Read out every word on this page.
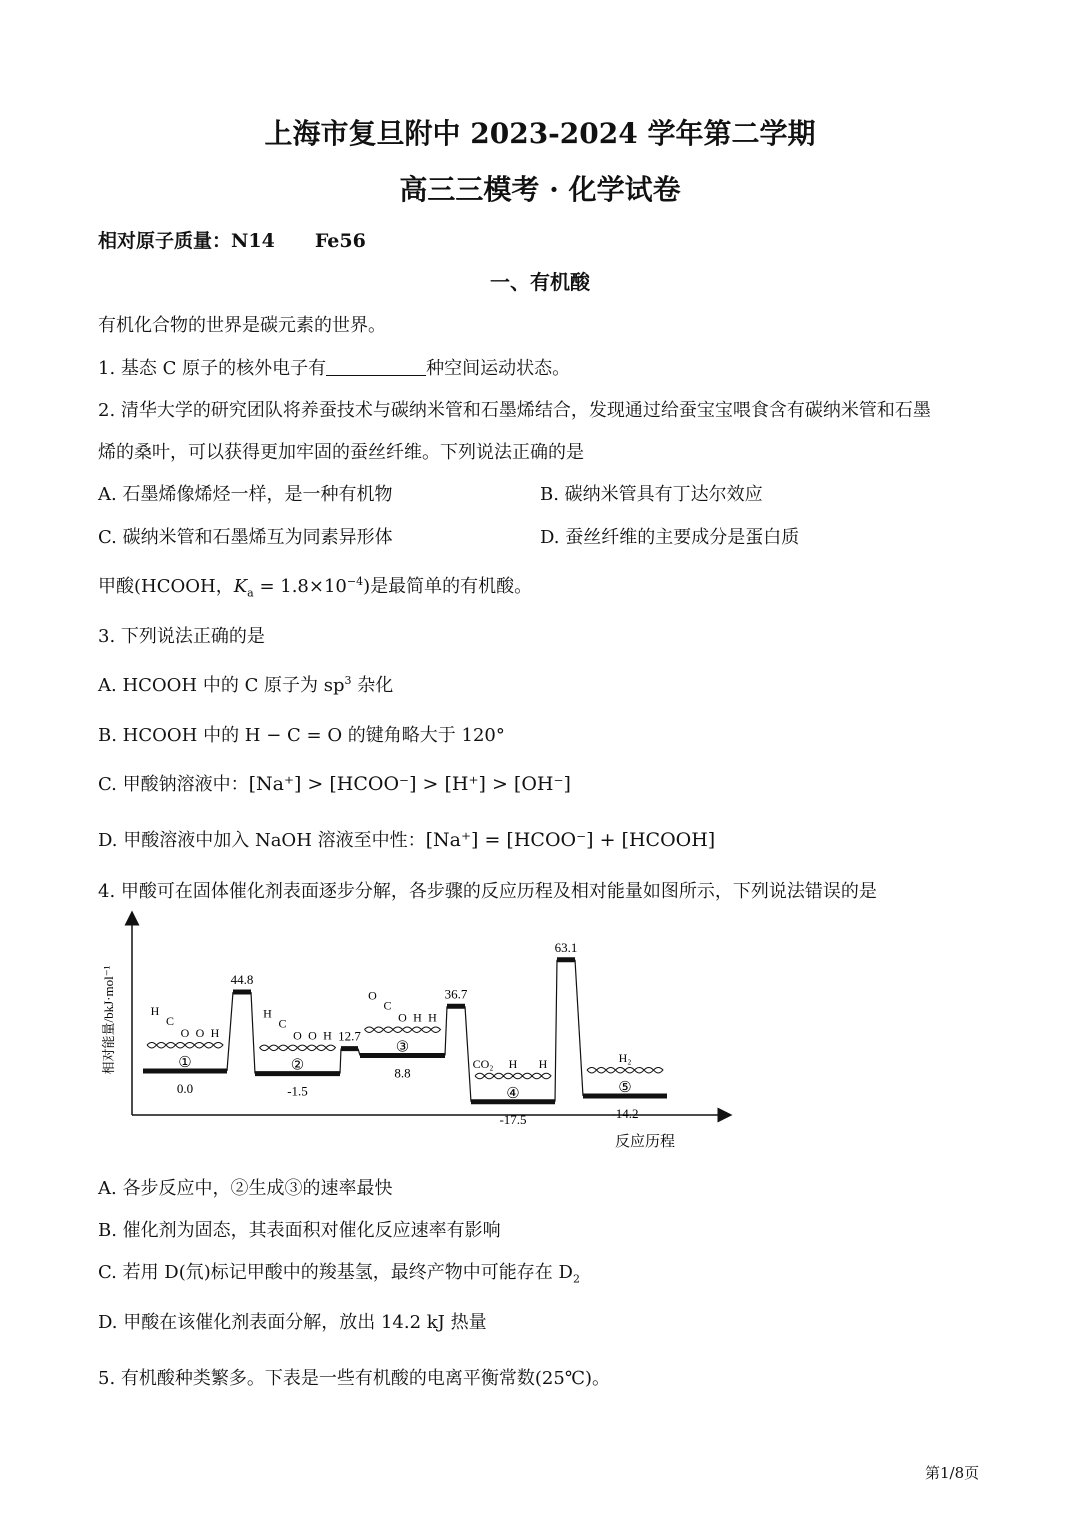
上海市复旦附中 2023-2024 学年第二学期
高三三模考 · 化学试卷
相对原子质量：N14 Fe56
一、有机酸
有机化合物的世界是碳元素的世界。
1. 基态 C 原子的核外电子有	种空间运动状态。
2. 清华大学的研究团队将养蚕技术与碳纳米管和石墨烯结合，发现通过给蚕宝宝喂食含有碳纳米管和石墨
烯的桑叶，可以获得更加牢固的蚕丝纤维。下列说法正确的是
A. 石墨烯像烯烃一样，是一种有机物	B. 碳纳米管具有丁达尔效应
C. 碳纳米管和石墨烯互为同素异形体	D. 蚕丝纤维的主要成分是蛋白质
甲酸(HCOOH，$K_a = 1.8\times 10^{-4}$)是最简单的有机酸。
3. 下列说法正确的是
A. HCOOH 中的 C 原子为 $sp^3$ 杂化
B. HCOOH 中的 H − C = O 的键角略大于 120°
C. 甲酸钠溶液中：[Na⁺] > [HCOO⁻] > [H⁺] > [OH⁻]
D. 甲酸溶液中加入 NaOH 溶液至中性：[Na⁺] = [HCOO⁻] + [HCOOH]
4. 甲酸可在固体催化剂表面逐步分解，各步骤的反应历程及相对能量如图所示，下列说法错误的是
相对能量/bkJ·mol⁻¹
反应历程
0.0
①
H
C
O O H
44.8
-1.5
②
H
C
O O H 12.7
8.8
③
O
C
O H H
36.7
-17.5
④
CO₂ H H
63.1
-14.2
⑤
H₂
A. 各步反应中，②生成③的速率最快
B. 催化剂为固态，其表面积对催化反应速率有影响
C. 若用 D(氘)标记甲酸中的羧基氢，最终产物中可能存在 $D_2$
D. 甲酸在该催化剂表面分解，放出 14.2 kJ 热量
5. 有机酸种类繁多。下表是一些有机酸的电离平衡常数(25℃)。
第1/8页
